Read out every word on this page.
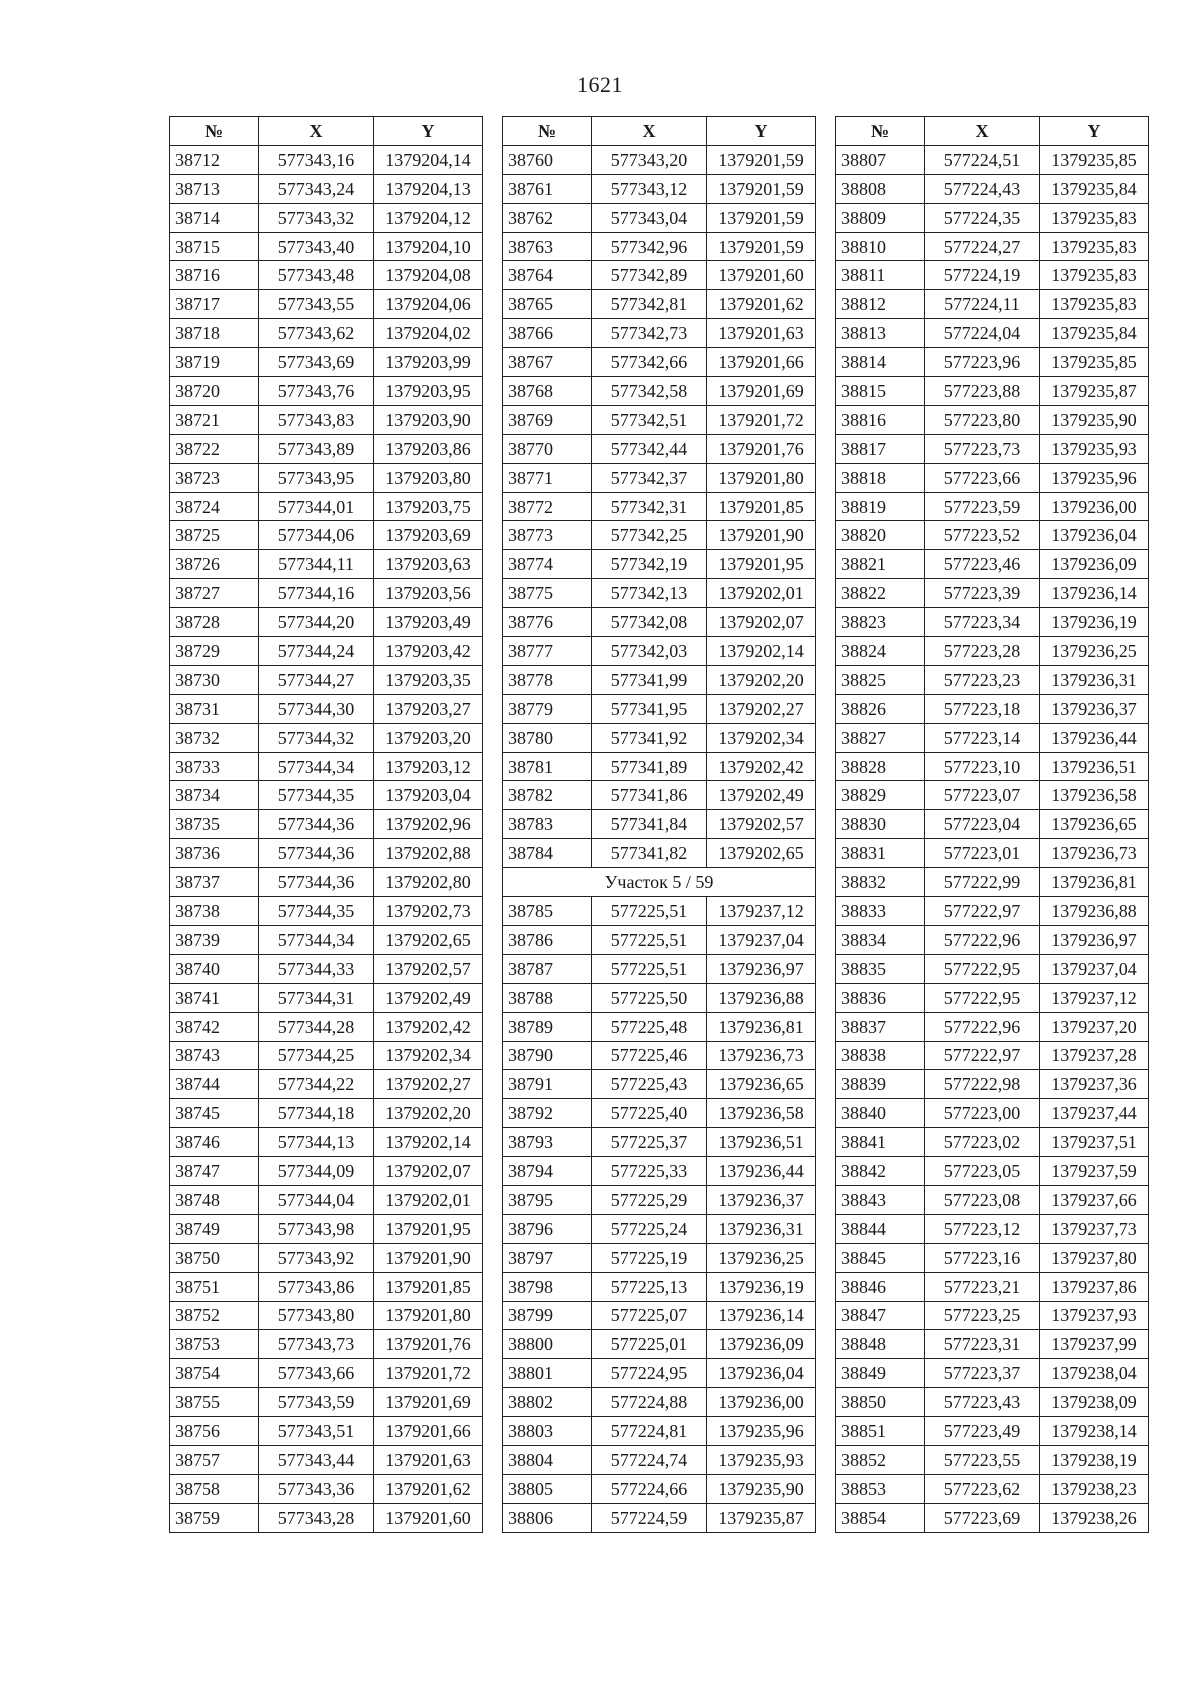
1621
№	X	Y
38712	577343,16	1379204,14
38713	577343,24	1379204,13
38714	577343,32	1379204,12
38715	577343,40	1379204,10
38716	577343,48	1379204,08
38717	577343,55	1379204,06
38718	577343,62	1379204,02
38719	577343,69	1379203,99
38720	577343,76	1379203,95
38721	577343,83	1379203,90
38722	577343,89	1379203,86
38723	577343,95	1379203,80
38724	577344,01	1379203,75
38725	577344,06	1379203,69
38726	577344,11	1379203,63
38727	577344,16	1379203,56
38728	577344,20	1379203,49
38729	577344,24	1379203,42
38730	577344,27	1379203,35
38731	577344,30	1379203,27
38732	577344,32	1379203,20
38733	577344,34	1379203,12
38734	577344,35	1379203,04
38735	577344,36	1379202,96
38736	577344,36	1379202,88
38737	577344,36	1379202,80
38738	577344,35	1379202,73
38739	577344,34	1379202,65
38740	577344,33	1379202,57
38741	577344,31	1379202,49
38742	577344,28	1379202,42
38743	577344,25	1379202,34
38744	577344,22	1379202,27
38745	577344,18	1379202,20
38746	577344,13	1379202,14
38747	577344,09	1379202,07
38748	577344,04	1379202,01
38749	577343,98	1379201,95
38750	577343,92	1379201,90
38751	577343,86	1379201,85
38752	577343,80	1379201,80
38753	577343,73	1379201,76
38754	577343,66	1379201,72
38755	577343,59	1379201,69
38756	577343,51	1379201,66
38757	577343,44	1379201,63
38758	577343,36	1379201,62
38759	577343,28	1379201,60
№	X	Y
38760	577343,20	1379201,59
38761	577343,12	1379201,59
38762	577343,04	1379201,59
38763	577342,96	1379201,59
38764	577342,89	1379201,60
38765	577342,81	1379201,62
38766	577342,73	1379201,63
38767	577342,66	1379201,66
38768	577342,58	1379201,69
38769	577342,51	1379201,72
38770	577342,44	1379201,76
38771	577342,37	1379201,80
38772	577342,31	1379201,85
38773	577342,25	1379201,90
38774	577342,19	1379201,95
38775	577342,13	1379202,01
38776	577342,08	1379202,07
38777	577342,03	1379202,14
38778	577341,99	1379202,20
38779	577341,95	1379202,27
38780	577341,92	1379202,34
38781	577341,89	1379202,42
38782	577341,86	1379202,49
38783	577341,84	1379202,57
38784	577341,82	1379202,65
Участок 5 / 59		
38785	577225,51	1379237,12
38786	577225,51	1379237,04
38787	577225,51	1379236,97
38788	577225,50	1379236,88
38789	577225,48	1379236,81
38790	577225,46	1379236,73
38791	577225,43	1379236,65
38792	577225,40	1379236,58
38793	577225,37	1379236,51
38794	577225,33	1379236,44
38795	577225,29	1379236,37
38796	577225,24	1379236,31
38797	577225,19	1379236,25
38798	577225,13	1379236,19
38799	577225,07	1379236,14
38800	577225,01	1379236,09
38801	577224,95	1379236,04
38802	577224,88	1379236,00
38803	577224,81	1379235,96
38804	577224,74	1379235,93
38805	577224,66	1379235,90
38806	577224,59	1379235,87
№	X	Y
38807	577224,51	1379235,85
38808	577224,43	1379235,84
38809	577224,35	1379235,83
38810	577224,27	1379235,83
38811	577224,19	1379235,83
38812	577224,11	1379235,83
38813	577224,04	1379235,84
38814	577223,96	1379235,85
38815	577223,88	1379235,87
38816	577223,80	1379235,90
38817	577223,73	1379235,93
38818	577223,66	1379235,96
38819	577223,59	1379236,00
38820	577223,52	1379236,04
38821	577223,46	1379236,09
38822	577223,39	1379236,14
38823	577223,34	1379236,19
38824	577223,28	1379236,25
38825	577223,23	1379236,31
38826	577223,18	1379236,37
38827	577223,14	1379236,44
38828	577223,10	1379236,51
38829	577223,07	1379236,58
38830	577223,04	1379236,65
38831	577223,01	1379236,73
38832	577222,99	1379236,81
38833	577222,97	1379236,88
38834	577222,96	1379236,97
38835	577222,95	1379237,04
38836	577222,95	1379237,12
38837	577222,96	1379237,20
38838	577222,97	1379237,28
38839	577222,98	1379237,36
38840	577223,00	1379237,44
38841	577223,02	1379237,51
38842	577223,05	1379237,59
38843	577223,08	1379237,66
38844	577223,12	1379237,73
38845	577223,16	1379237,80
38846	577223,21	1379237,86
38847	577223,25	1379237,93
38848	577223,31	1379237,99
38849	577223,37	1379238,04
38850	577223,43	1379238,09
38851	577223,49	1379238,14
38852	577223,55	1379238,19
38853	577223,62	1379238,23
38854	577223,69	1379238,26
